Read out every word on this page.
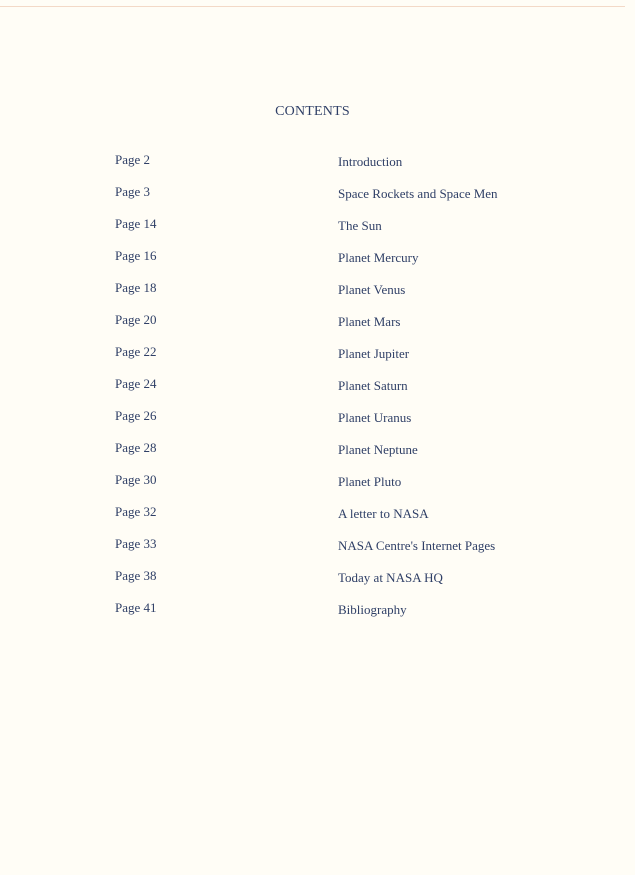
CONTENTS
Page 2	Introduction
Page 3	Space Rockets and Space Men
Page 14	The Sun
Page 16	Planet Mercury
Page 18	Planet Venus
Page 20	Planet Mars
Page 22	Planet Jupiter
Page 24	Planet Saturn
Page 26	Planet Uranus
Page 28	Planet Neptune
Page 30	Planet Pluto
Page 32	A letter to NASA
Page 33	NASA Centre's Internet Pages
Page 38	Today at NASA HQ
Page 41	Bibliography
